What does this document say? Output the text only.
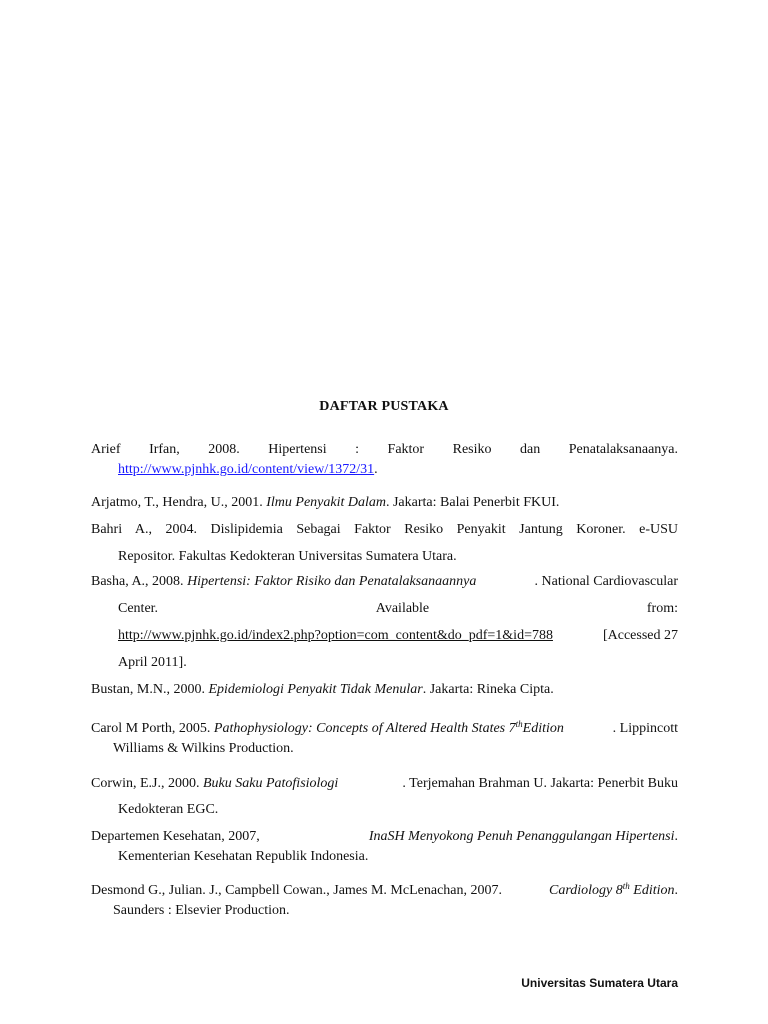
DAFTAR PUSTAKA
Arief Irfan, 2008. Hipertensi : Faktor Resiko dan Penatalaksanaanya.
http://www.pjnhk.go.id/content/view/1372/31.
Arjatmo, T., Hendra, U., 2001. Ilmu Penyakit Dalam. Jakarta: Balai Penerbit FKUI.
Bahri A., 2004. Dislipidemia Sebagai Faktor Resiko Penyakit Jantung Koroner. e-USU
Repositor. Fakultas Kedokteran Universitas Sumatera Utara.
Basha, A., 2008. Hipertensi: Faktor Risiko dan Penatalaksanaannya	. National Cardiovascular
Center.	Available	from:
http://www.pjnhk.go.id/index2.php?option=com_content&do_pdf=1&id=788	[Accessed 27
April 2011].
Bustan, M.N., 2000. Epidemiologi Penyakit Tidak Menular. Jakarta: Rineka Cipta.
Carol M Porth, 2005. Pathophysiology: Concepts of Altered Health States 7thEdition	. Lippincott
Williams & Wilkins Production.
Corwin, E.J., 2000. Buku Saku Patofisiologi	. Terjemahan Brahman U. Jakarta: Penerbit Buku
Kedokteran EGC.
Departemen Kesehatan, 2007,	InaSH Menyokong Penuh Penanggulangan Hipertensi.
Kementerian Kesehatan Republik Indonesia.
Desmond G., Julian. J., Campbell Cowan., James M. McLenachan, 2007.	Cardiology 8th Edition.
Saunders : Elsevier Production.
Universitas Sumatera Utara
